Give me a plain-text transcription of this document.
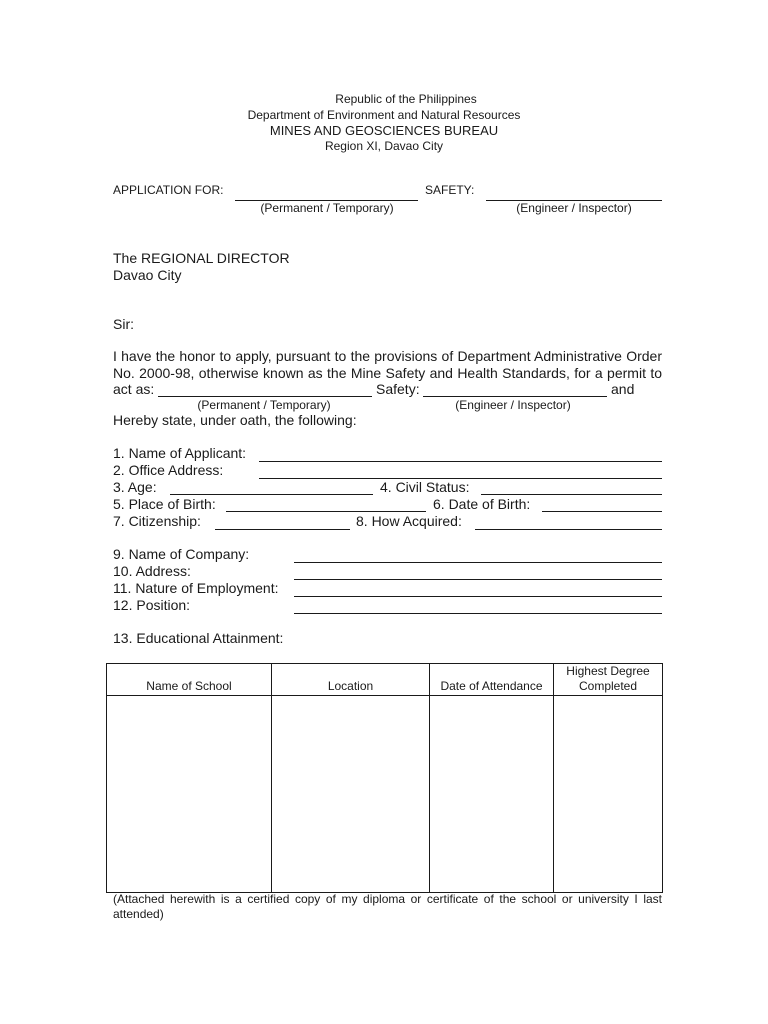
Republic of the Philippines
Department of Environment and Natural Resources
MINES AND GEOSCIENCES BUREAU
Region XI, Davao City
APPLICATION FOR:
(Permanent / Temporary)
SAFETY:
(Engineer / Inspector)
The REGIONAL DIRECTOR
Davao City
Sir:
I have the honor to apply, pursuant to the provisions of Department Administrative Order
No. 2000-98, otherwise known as the Mine Safety and Health Standards, for a permit to
act as:	Safety:	and
(Permanent / Temporary)	(Engineer / Inspector)
Hereby state, under oath, the following:
1. Name of Applicant:
2. Office Address:
3. Age:	4. Civil Status:
5. Place of Birth:	6. Date of Birth:
7. Citizenship:	8. How Acquired:
9. Name of Company:
10. Address:
11. Nature of Employment:
12. Position:
13. Educational Attainment:
Name of School	Location	Date of Attendance	Highest Degree
Completed

(Attached herewith is a certified copy of my diploma or certificate of the school or university I last
attended)
